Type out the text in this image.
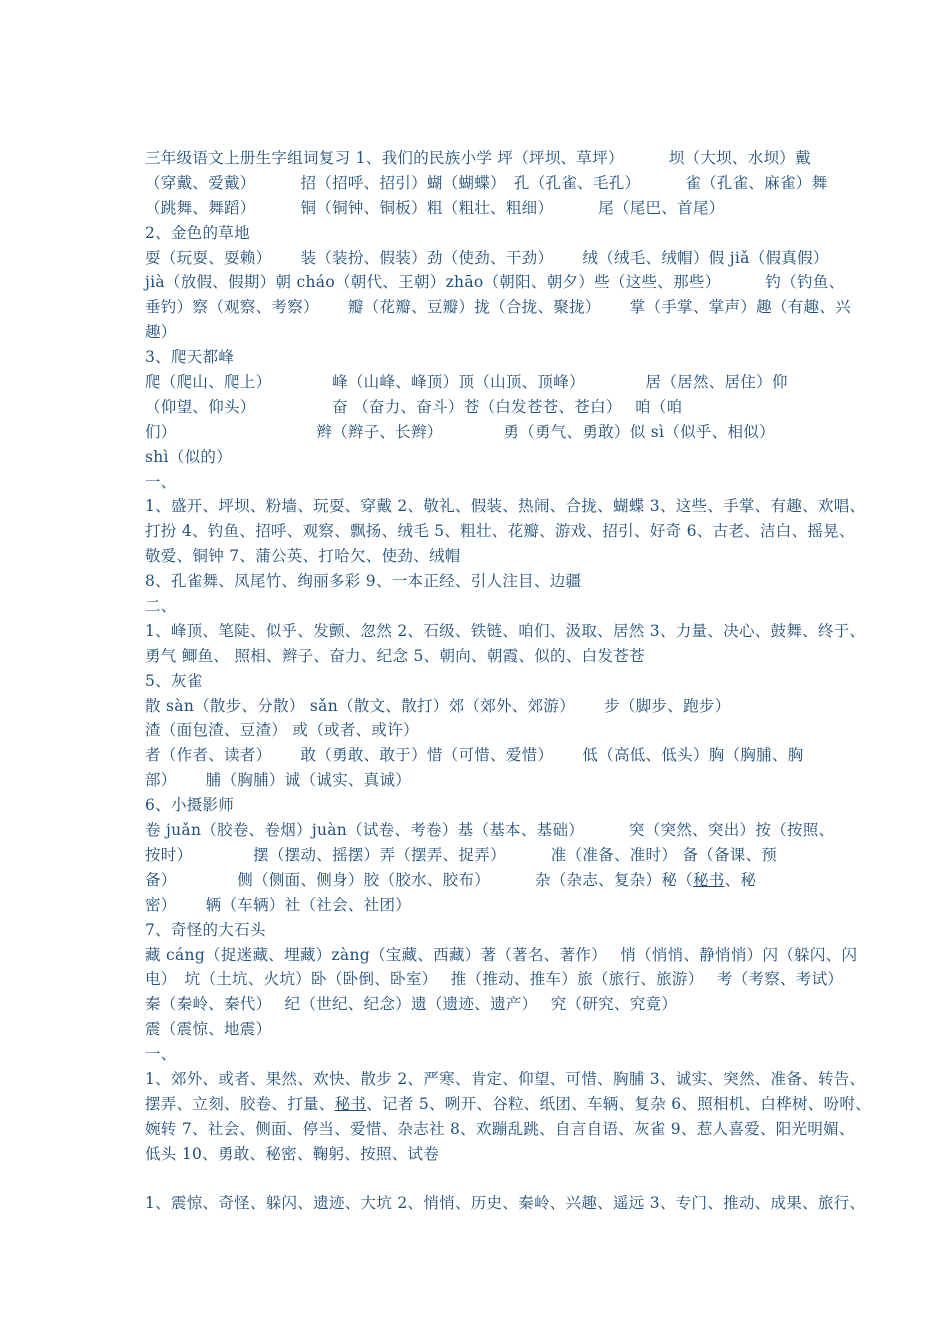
三年级语文上册生字组词复习 1、我们的民族小学 坪（坪坝、草坪）　　　 坝（大坝、水坝）戴
（穿戴、爱戴）　　　 招（招呼、招引）蝴（蝴蝶）　孔（孔雀、毛孔）　　　 雀（孔雀、麻雀）舞
（跳舞、舞蹈）　　　 铜（铜钟、铜板）粗（粗壮、粗细）　　　 尾（尾巴、首尾）
2、金色的草地
耍（玩耍、耍赖）　　 装（装扮、假装）劲（使劲、干劲）　　 绒（绒毛、绒帽）假 jiǎ（假真假）
jià（放假、假期）朝 cháo（朝代、王朝）zhāo（朝阳、朝夕）些（这些、那些）　　　 钓（钓鱼、
垂钓）察（观察、考察）　　 瓣（花瓣、豆瓣）拢（合拢、聚拢）　　 掌（手掌、掌声）趣（有趣、兴
趣）
3、爬天都峰
爬（爬山、爬上）　　　　 峰（山峰、峰顶）顶（山顶、顶峰）　　　　 居（居然、居住）仰
（仰望、仰头）　　　　　 奋 （奋力、奋斗）苍（白发苍苍、苍白）　 咱（咱
们）　　　　　　　　　 辫（辫子、长辫）　　　　 勇（勇气、勇敢）似 sì（似乎、相似）
shì（似的）
一、
1、盛开、坪坝、粉墙、玩耍、穿戴 2、敬礼、假装、热闹、合拢、蝴蝶 3、这些、手掌、有趣、欢唱、
打扮 4、钓鱼、招呼、观察、飘扬、绒毛 5、粗壮、花瓣、游戏、招引、好奇 6、古老、洁白、摇晃、
敬爱、铜钟 7、蒲公英、打哈欠、使劲、绒帽
8、孔雀舞、凤尾竹、绚丽多彩 9、一本正经、引人注目、边疆
二、
1、峰顶、笔陡、似乎、发颤、忽然 2、石级、铁链、咱们、汲取、居然 3、力量、决心、鼓舞、终于、
勇气 鲫鱼、 照相、辫子、奋力、纪念 5、朝向、朝霞、似的、白发苍苍
5、灰雀
散 sàn（散步、分散） sǎn（散文、散打）郊（郊外、郊游）　　 步（脚步、跑步）
渣（面包渣、豆渣） 或（或者、或许）
者（作者、读者）　　 敢（勇敢、敢于）惜（可惜、爱惜）　　 低（高低、低头）胸（胸脯、胸
部）　　 脯（胸脯）诚（诚实、真诚）
6、小摄影师
卷 juǎn（胶卷、卷烟）juàn（试卷、考卷）基（基本、基础）　　　 突（突然、突出）按（按照、
按时）　　　　 摆（摆动、摇摆）弄（摆弄、捉弄）　　　 准（准备、准时） 备（备课、预
备）　　　　 侧（侧面、侧身）胶（胶水、胶布）　　　 杂（杂志、复杂）秘（秘书、秘
密）　　 辆（车辆）社（社会、社团）
7、奇怪的大石头
藏 cáng（捉迷藏、埋藏）zàng（宝藏、西藏）著（著名、著作）　 悄（悄悄、静悄悄）闪（躲闪、闪
电）　坑（土坑、火坑）卧（卧倒、卧室）　 推（推动、推车）旅（旅行、旅游）　 考（考察、考试）
秦（秦岭、秦代）　 纪（世纪、纪念）遗（遗迹、遗产）　 究（研究、究竟）
震（震惊、地震）
一、
1、郊外、或者、果然、欢快、散步 2、严寒、肯定、仰望、可惜、胸脯 3、诚实、突然、准备、转告、
摆弄、立刻、胶卷、打量、秘书、记者 5、咧开、谷粒、纸团、车辆、复杂 6、照相机、白桦树、吩咐、
婉转 7、社会、侧面、停当、爱惜、杂志社 8、欢蹦乱跳、自言自语、灰雀 9、惹人喜爱、阳光明媚、
低头 10、勇敢、秘密、鞠躬、按照、试卷
1、震惊、奇怪、躲闪、遗迹、大坑 2、悄悄、历史、秦岭、兴趣、遥远 3、专门、推动、成果、旅行、
